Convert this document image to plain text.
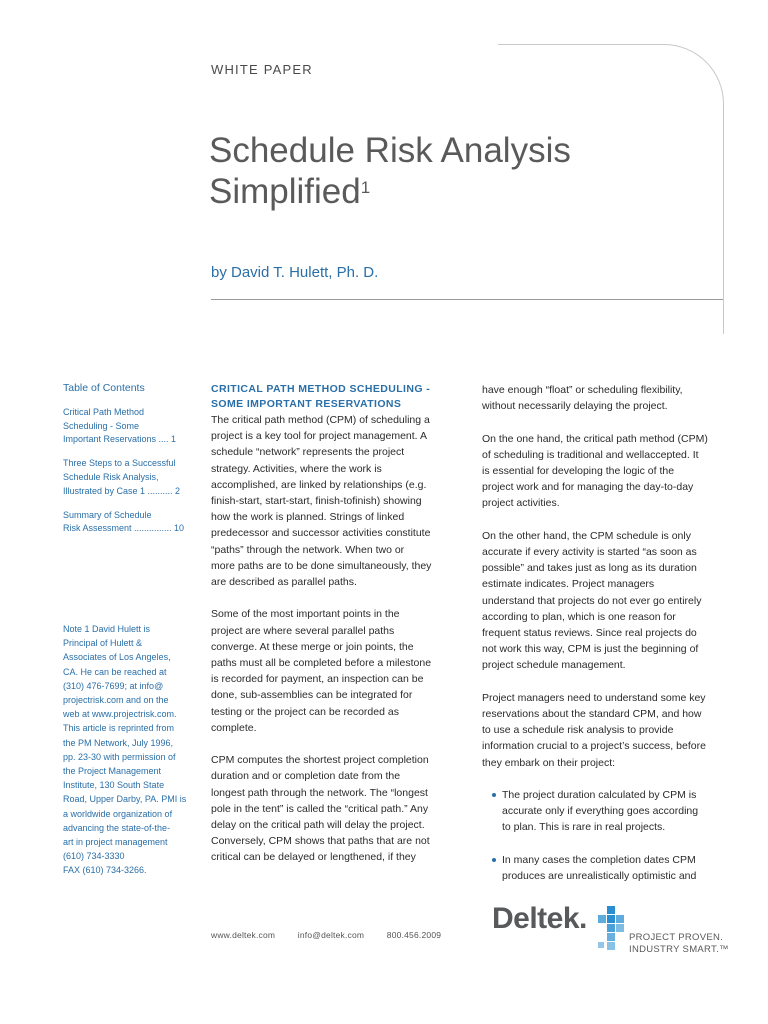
WHITE PAPER
Schedule Risk Analysis
Simplified$^1$
by David T. Hulett, Ph. D.
Table of Contents
Critical Path Method
Scheduling - Some
Important Reservations .... 1
Three Steps to a Successful
Schedule Risk Analysis,
Illustrated by Case 1 .......... 2
Summary of Schedule
Risk Assessment ............... 10
Note 1 David Hulett is
Principal of Hulett &
Associates of Los Angeles,
CA. He can be reached at
(310) 476-7699; at info@
projectrisk.com and on the
web at www.projectrisk.com.
This article is reprinted from
the PM Network, July 1996,
pp. 23-30 with permission of
the Project Management
Institute, 130 South State
Road, Upper Darby, PA. PMI is
a worldwide organization of
advancing the state-of-the-
art in project management
(610) 734-3330
FAX (610) 734-3266.
CRITICAL PATH METHOD SCHEDULING -
SOME IMPORTANT RESERVATIONS
The critical path method (CPM) of scheduling a
project is a key tool for project management. A
schedule “network” represents the project
strategy. Activities, where the work is
accomplished, are linked by relationships (e.g.
finish-start, start-start, finish-tofinish) showing
how the work is planned. Strings of linked
predecessor and successor activities constitute
“paths” through the network. When two or
more paths are to be done simultaneously, they
are described as parallel paths.
Some of the most important points in the
project are where several parallel paths
converge. At these merge or join points, the
paths must all be completed before a milestone
is recorded for payment, an inspection can be
done, sub-assemblies can be integrated for
testing or the project can be recorded as
complete.
CPM computes the shortest project completion
duration and or completion date from the
longest path through the network. The “longest
pole in the tent” is called the “critical path.” Any
delay on the critical path will delay the project.
Conversely, CPM shows that paths that are not
critical can be delayed or lengthened, if they
have enough “float” or scheduling flexibility,
without necessarily delaying the project.
On the one hand, the critical path method (CPM)
of scheduling is traditional and wellaccepted. It
is essential for developing the logic of the
project work and for managing the day-to-day
project activities.
On the other hand, the CPM schedule is only
accurate if every activity is started “as soon as
possible” and takes just as long as its duration
estimate indicates. Project managers
understand that projects do not ever go entirely
according to plan, which is one reason for
frequent status reviews. Since real projects do
not work this way, CPM is just the beginning of
project schedule management.
Project managers need to understand some key
reservations about the standard CPM, and how
to use a schedule risk analysis to provide
information crucial to a project’s success, before
they embark on their project:
The project duration calculated by CPM is
accurate only if everything goes according
to plan. This is rare in real projects.
In many cases the completion dates CPM
produces are unrealistically optimistic and
www.deltek.com	info@deltek.com	800.456.2009	Deltek.
PROJECT PROVEN.
INDUSTRY SMART.™
